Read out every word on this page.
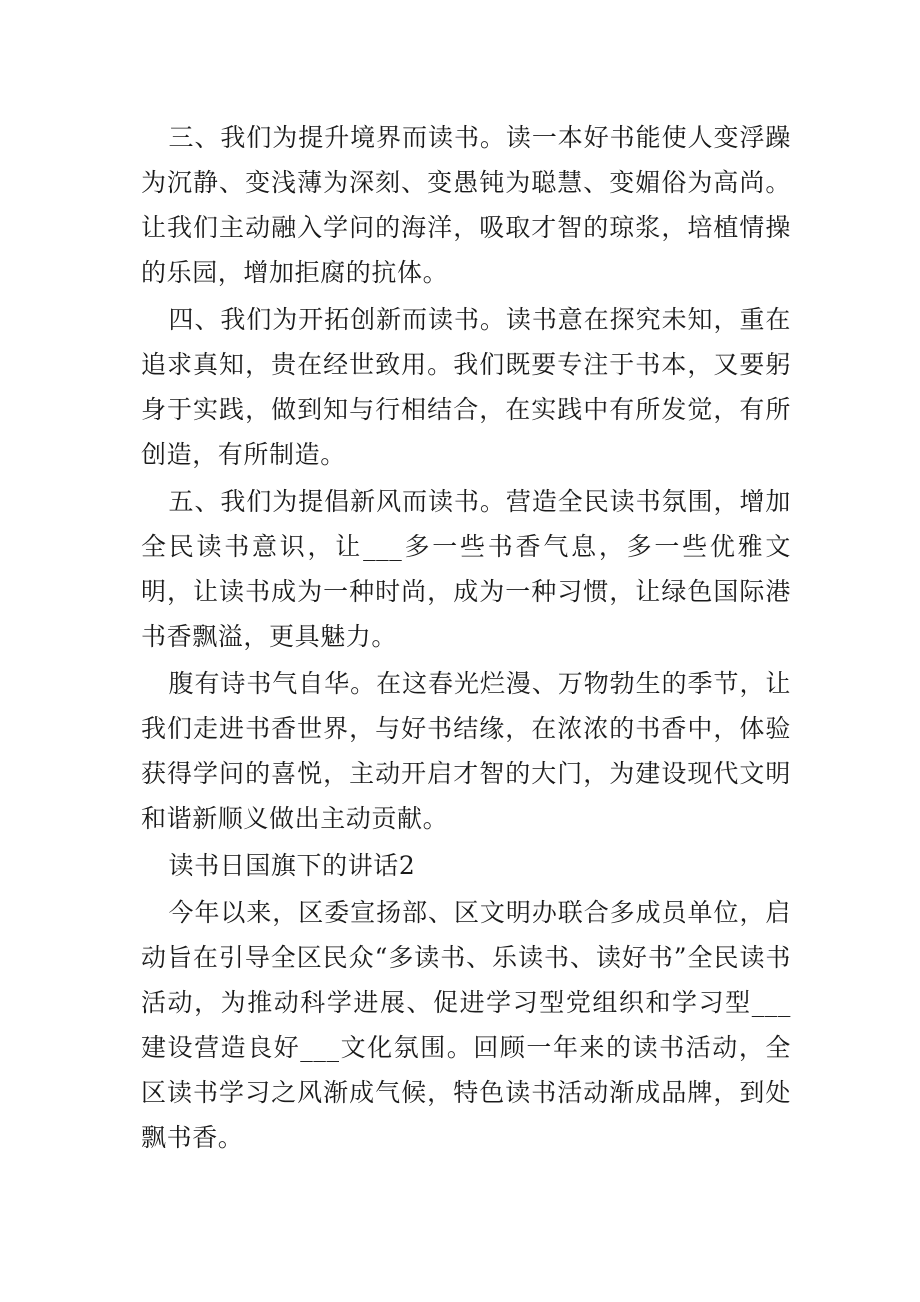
三、我们为提升境界而读书。读一本好书能使人变浮躁为沉静、变浅薄为深刻、变愚钝为聪慧、变媚俗为高尚。让我们主动融入学问的海洋，吸取才智的琼浆，培植情操的乐园，增加拒腐的抗体。

四、我们为开拓创新而读书。读书意在探究未知，重在追求真知，贵在经世致用。我们既要专注于书本，又要躬身于实践，做到知与行相结合，在实践中有所发觉，有所创造，有所制造。

五、我们为提倡新风而读书。营造全民读书氛围，增加全民读书意识，让___多一些书香气息，多一些优雅文明，让读书成为一种时尚，成为一种习惯，让绿色国际港书香飘溢，更具魅力。

腹有诗书气自华。在这春光烂漫、万物勃生的季节，让我们走进书香世界，与好书结缘，在浓浓的书香中，体验获得学问的喜悦，主动开启才智的大门，为建设现代文明和谐新顺义做出主动贡献。

读书日国旗下的讲话2

今年以来，区委宣扬部、区文明办联合多成员单位，启动旨在引导全区民众“多读书、乐读书、读好书”全民读书活动，为推动科学进展、促进学习型党组织和学习型___建设营造良好___文化氛围。回顾一年来的读书活动，全区读书学习之风渐成气候，特色读书活动渐成品牌，到处飘书香。
